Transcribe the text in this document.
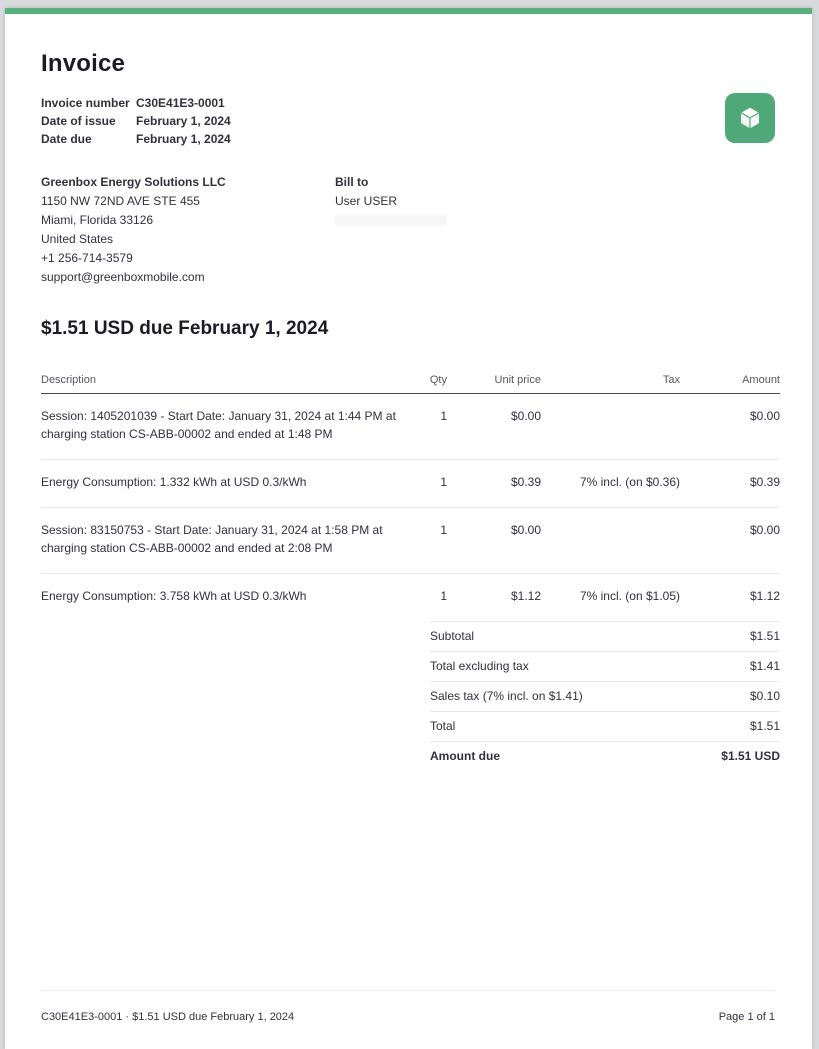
Invoice
Invoice number C30E41E3-0001
Date of issue	February 1, 2024
Date due	February 1, 2024
Greenbox Energy Solutions LLC
1150 NW 72ND AVE STE 455
Miami, Florida 33126
United States
+1 256-714-3579
support@greenboxmobile.com
Bill to
User USER
$1.51 USD due February 1, 2024
Description	Qty	Unit price	Tax	Amount
Session: 1405201039 - Start Date: January 31, 2024 at 1:44 PM at charging station CS-ABB-00002 and ended at 1:48 PM	1	$0.00		$0.00
Energy Consumption: 1.332 kWh at USD 0.3/kWh	1	$0.39	7% incl. (on $0.36)	$0.39
Session: 83150753 - Start Date: January 31, 2024 at 1:58 PM at charging station CS-ABB-00002 and ended at 2:08 PM	1	$0.00		$0.00
Energy Consumption: 3.758 kWh at USD 0.3/kWh	1	$1.12	7% incl. (on $1.05)	$1.12
Subtotal	$1.51
Total excluding tax	$1.41
Sales tax (7% incl. on $1.41)	$0.10
Total	$1.51
Amount due	$1.51 USD
C30E41E3-0001 · $1.51 USD due February 1, 2024	Page 1 of 1
